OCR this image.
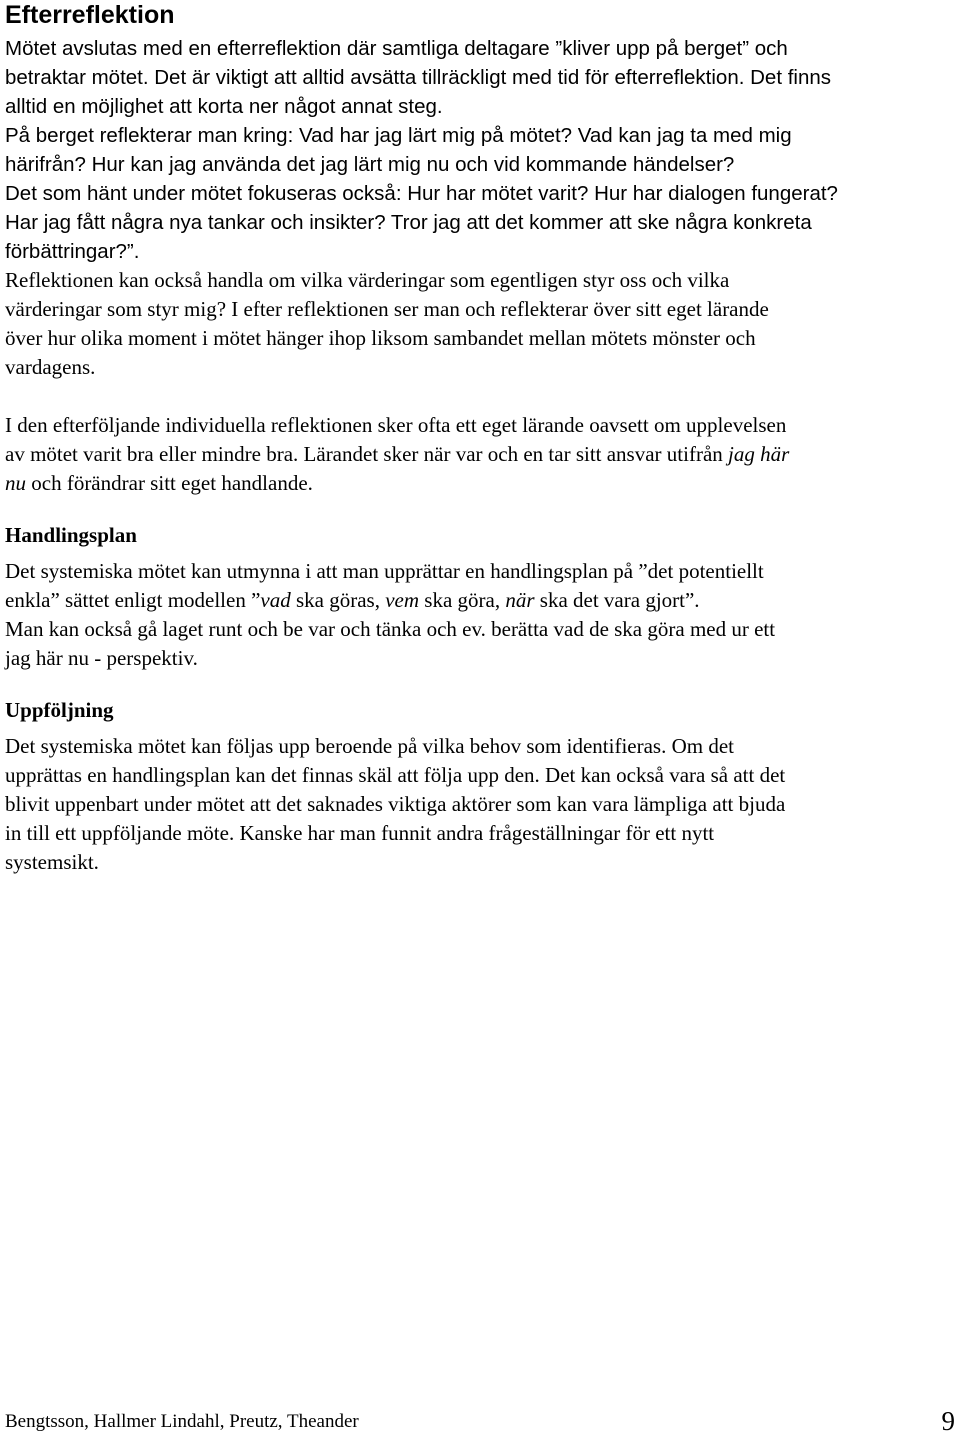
Efterreflektion

Mötet avslutas med en efterreflektion där samtliga deltagare ”kliver upp på berget” och

betraktar mötet. Det är viktigt att alltid avsätta tillräckligt med tid för efterreflektion. Det finns

alltid en möjlighet att korta ner något annat steg.

På berget reflekterar man kring: Vad har jag lärt mig på mötet? Vad kan jag ta med mig

härifrån? Hur kan jag använda det jag lärt mig nu och vid kommande händelser?

Det som hänt under mötet fokuseras också: Hur har mötet varit? Hur har dialogen fungerat?

Har jag fått några nya tankar och insikter? Tror jag att det kommer att ske några konkreta

förbättringar?”.

Reflektionen kan också handla om vilka värderingar som egentligen styr oss och vilka

värderingar som styr mig? I efter reflektionen ser man och reflekterar över sitt eget lärande

över hur olika moment i mötet hänger ihop liksom sambandet mellan mötets mönster och

vardagens.

I den efterföljande individuella reflektionen sker ofta ett eget lärande oavsett om upplevelsen

av mötet varit bra eller mindre bra. Lärandet sker när var och en tar sitt ansvar utifrån jag här

nu och förändrar sitt eget handlande.

Handlingsplan

Det systemiska mötet kan utmynna i att man upprättar en handlingsplan på ”det potentiellt

enkla” sättet enligt modellen ”vad ska göras, vem ska göra, när ska det vara gjort”.

Man kan också gå laget runt och be var och tänka och ev. berätta vad de ska göra med ur ett

jag här nu - perspektiv.

Uppföljning

Det systemiska mötet kan följas upp beroende på vilka behov som identifieras. Om det

upprättas en handlingsplan kan det finnas skäl att följa upp den. Det kan också vara så att det

blivit uppenbart under mötet att det saknades viktiga aktörer som kan vara lämpliga att bjuda

in till ett uppföljande möte. Kanske har man funnit andra frågeställningar för ett nytt

systemsikt.

Bengtsson, Hallmer Lindahl, Preutz, Theander	9
